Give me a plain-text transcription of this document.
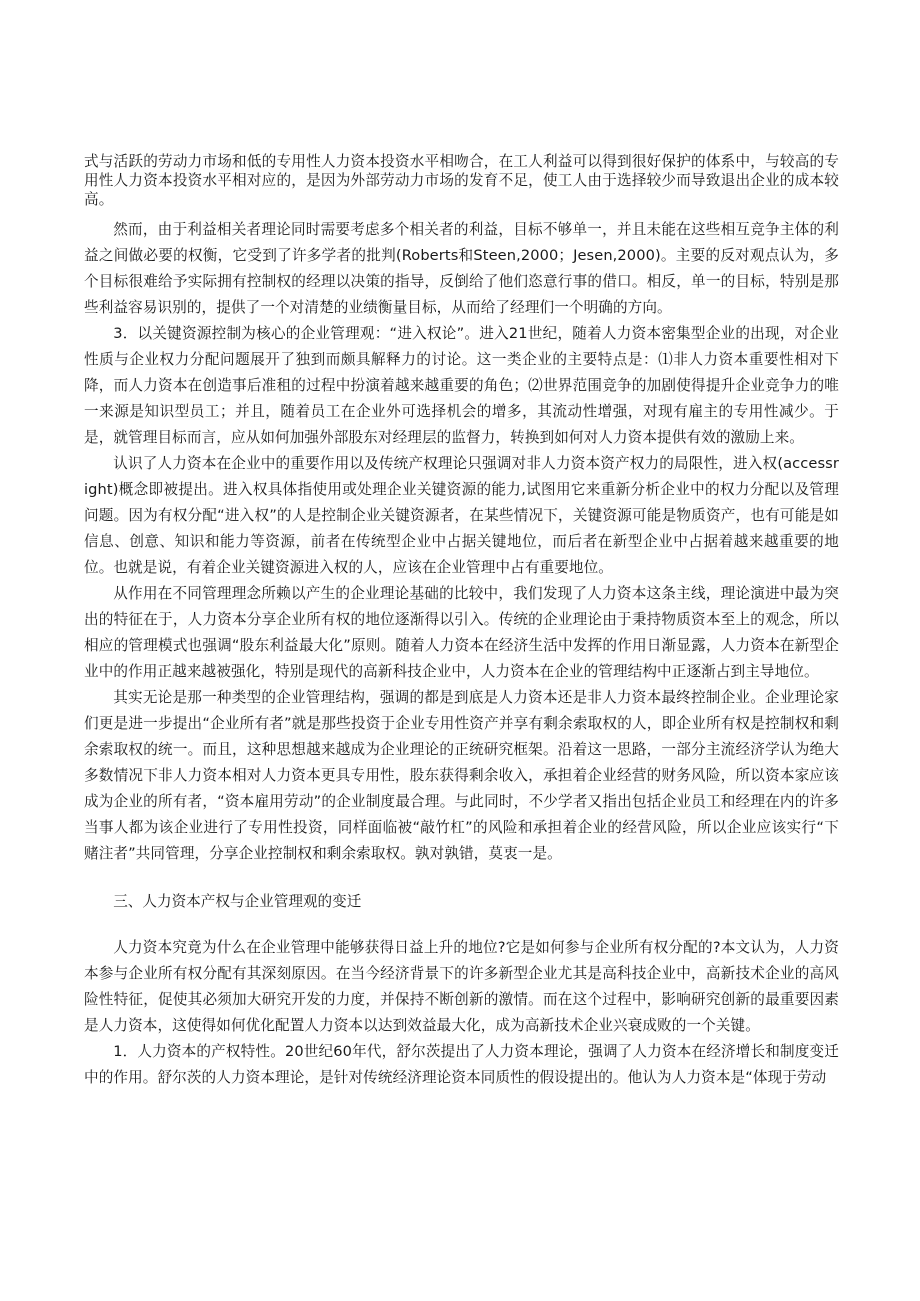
式与活跃的劳动力市场和低的专用性人力资本投资水平相吻合，在工人利益可以得到很好保护的体系中，与较高的专用性人力资本投资水平相对应的，是因为外部劳动力市场的发育不足，使工人由于选择较少而导致退出企业的成本较高。

然而，由于利益相关者理论同时需要考虑多个相关者的利益，目标不够单一，并且未能在这些相互竞争主体的利益之间做必要的权衡，它受到了许多学者的批判(Roberts和Steen,2000；Jesen,2000)。主要的反对观点认为，多个目标很难给予实际拥有控制权的经理以决策的指导，反倒给了他们恣意行事的借口。相反，单一的目标，特别是那些利益容易识别的，提供了一个对清楚的业绩衡量目标，从而给了经理们一个明确的方向。

3．以关键资源控制为核心的企业管理观：“进入权论”。进入21世纪，随着人力资本密集型企业的出现，对企业性质与企业权力分配问题展开了独到而颇具解释力的讨论。这一类企业的主要特点是：⑴非人力资本重要性相对下降，而人力资本在创造事后准租的过程中扮演着越来越重要的角色；⑵世界范围竞争的加剧使得提升企业竞争力的唯一来源是知识型员工；并且，随着员工在企业外可选择机会的增多，其流动性增强，对现有雇主的专用性减少。于是，就管理目标而言，应从如何加强外部股东对经理层的监督力，转换到如何对人力资本提供有效的激励上来。

认识了人力资本在企业中的重要作用以及传统产权理论只强调对非人力资本资产权力的局限性，进入权(accessright)概念即被提出。进入权具体指使用或处理企业关键资源的能力,试图用它来重新分析企业中的权力分配以及管理问题。因为有权分配“进入权”的人是控制企业关键资源者，在某些情况下，关键资源可能是物质资产，也有可能是如信息、创意、知识和能力等资源，前者在传统型企业中占据关键地位，而后者在新型企业中占据着越来越重要的地位。也就是说，有着企业关键资源进入权的人，应该在企业管理中占有重要地位。

从作用在不同管理理念所赖以产生的企业理论基础的比较中，我们发现了人力资本这条主线，理论演进中最为突出的特征在于，人力资本分享企业所有权的地位逐渐得以引入。传统的企业理论由于秉持物质资本至上的观念，所以相应的管理模式也强调“股东利益最大化”原则。随着人力资本在经济生活中发挥的作用日渐显露，人力资本在新型企业中的作用正越来越被强化，特别是现代的高新科技企业中，人力资本在企业的管理结构中正逐渐占到主导地位。

其实无论是那一种类型的企业管理结构，强调的都是到底是人力资本还是非人力资本最终控制企业。企业理论家们更是进一步提出“企业所有者”就是那些投资于企业专用性资产并享有剩余索取权的人，即企业所有权是控制权和剩余索取权的统一。而且，这种思想越来越成为企业理论的正统研究框架。沿着这一思路，一部分主流经济学认为绝大多数情况下非人力资本相对人力资本更具专用性，股东获得剩余收入，承担着企业经营的财务风险，所以资本家应该成为企业的所有者，“资本雇用劳动”的企业制度最合理。与此同时，不少学者又指出包括企业员工和经理在内的许多当事人都为该企业进行了专用性投资，同样面临被“敲竹杠”的风险和承担着企业的经营风险，所以企业应该实行“下赌注者”共同管理，分享企业控制权和剩余索取权。孰对孰错，莫衷一是。

三、人力资本产权与企业管理观的变迁

人力资本究竟为什么在企业管理中能够获得日益上升的地位?它是如何参与企业所有权分配的?本文认为，人力资本参与企业所有权分配有其深刻原因。在当今经济背景下的许多新型企业尤其是高科技企业中，高新技术企业的高风险性特征，促使其必须加大研究开发的力度，并保持不断创新的激情。而在这个过程中，影响研究创新的最重要因素是人力资本，这使得如何优化配置人力资本以达到效益最大化，成为高新技术企业兴衰成败的一个关键。

1．人力资本的产权特性。20世纪60年代，舒尔茨提出了人力资本理论，强调了人力资本在经济增长和制度变迁中的作用。舒尔茨的人力资本理论，是针对传统经济理论资本同质性的假设提出的。他认为人力资本是“体现于劳动
